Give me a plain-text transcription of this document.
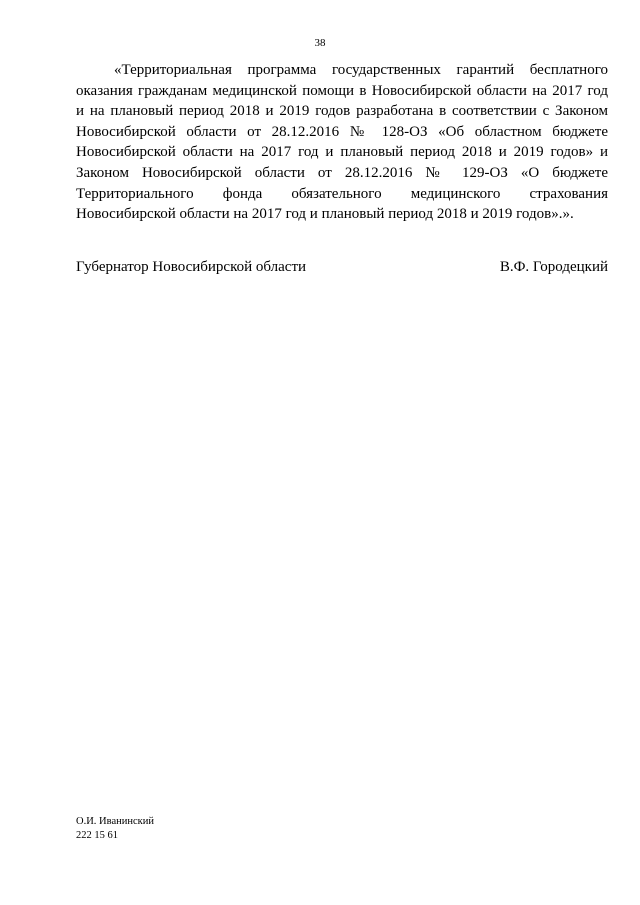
38
«Территориальная программа государственных гарантий бесплатного
оказания гражданам медицинской помощи в Новосибирской области на 2017 год
и на плановый период 2018 и 2019 годов разработана в соответствии с Законом
Новосибирской области от 28.12.2016 № 128-ОЗ «Об областном бюджете
Новосибирской области на 2017 год и плановый период 2018 и 2019 годов» и
Законом Новосибирской области от 28.12.2016 № 129-ОЗ «О бюджете
Территориального фонда обязательного медицинского страхования
Новосибирской области на 2017 год и плановый период 2018 и 2019 годов».».
Губернатор Новосибирской области	В.Ф. Городецкий
О.И. Иванинский
222 15 61
